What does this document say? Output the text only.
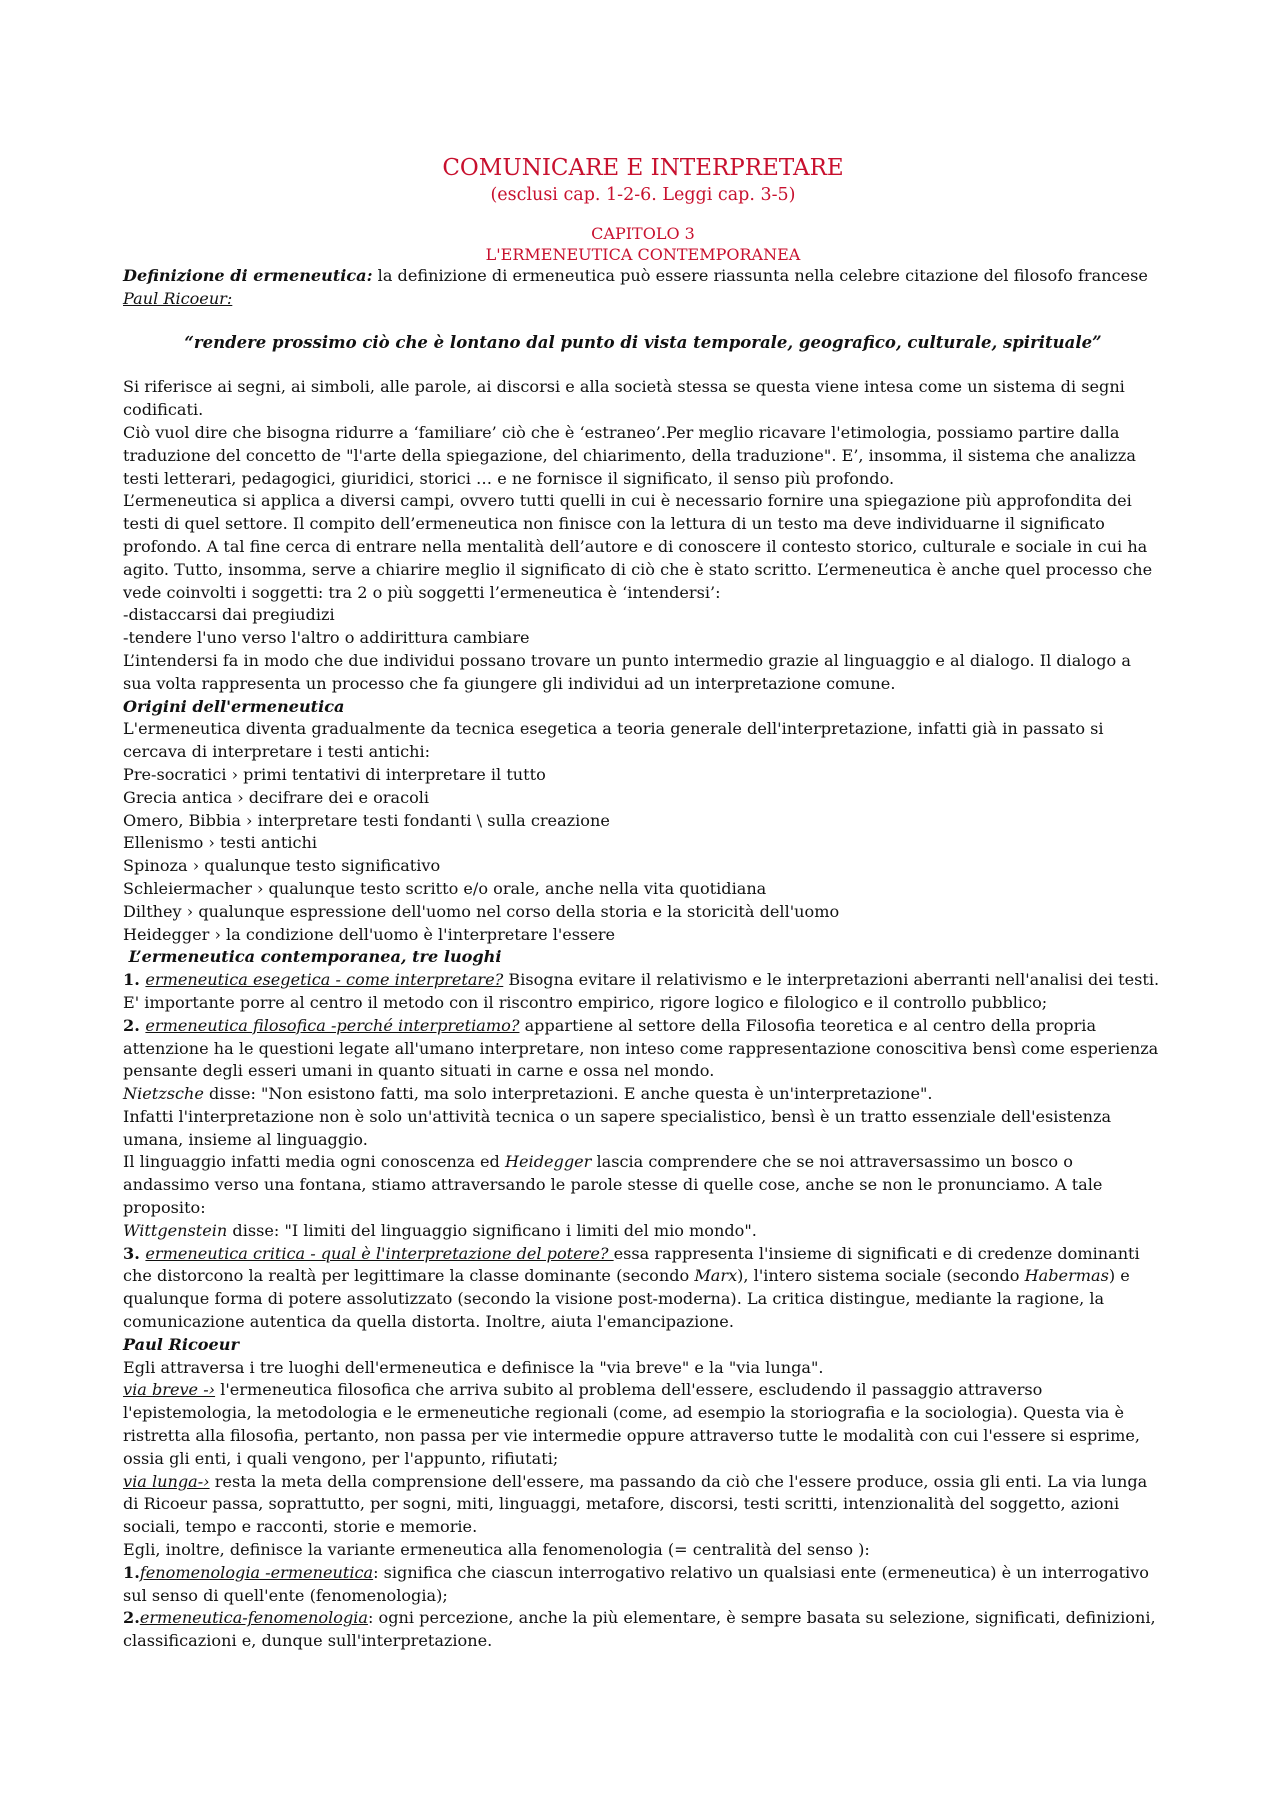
COMUNICARE E INTERPRETARE

(esclusi cap. 1-2-6. Leggi cap. 3-5)

CAPITOLO 3

L'ERMENEUTICA CONTEMPORANEA

Definizione di ermeneutica: la definizione di ermeneutica può essere riassunta nella celebre citazione del filosofo francese Paul Ricoeur:

“rendere prossimo ciò che è lontano dal punto di vista temporale, geografico, culturale, spirituale”

Si riferisce ai segni, ai simboli, alle parole, ai discorsi e alla società stessa se questa viene intesa come un sistema di segni codificati.

Ciò vuol dire che bisogna ridurre a ‘familiare’ ciò che è ‘estraneo’.Per meglio ricavare l'etimologia, possiamo partire dalla traduzione del concetto de "l'arte della spiegazione, del chiarimento, della traduzione". E’, insomma, il sistema che analizza testi letterari, pedagogici, giuridici, storici … e ne fornisce il significato, il senso più profondo.

L’ermeneutica si applica a diversi campi, ovvero tutti quelli in cui è necessario fornire una spiegazione più approfondita dei testi di quel settore. Il compito dell’ermeneutica non finisce con la lettura di un testo ma deve individuarne il significato profondo. A tal fine cerca di entrare nella mentalità dell’autore e di conoscere il contesto storico, culturale e sociale in cui ha agito. Tutto, insomma, serve a chiarire meglio il significato di ciò che è stato scritto. L’ermeneutica è anche quel processo che vede coinvolti i soggetti: tra 2 o più soggetti l’ermeneutica è ‘intendersi’:

-distaccarsi dai pregiudizi

-tendere l'uno verso l'altro o addirittura cambiare

L’intendersi fa in modo che due individui possano trovare un punto intermedio grazie al linguaggio e al dialogo. Il dialogo a sua volta rappresenta un processo che fa giungere gli individui ad un interpretazione comune.

Origini dell'ermeneutica

L'ermeneutica diventa gradualmente da tecnica esegetica a teoria generale dell'interpretazione, infatti già in passato si cercava di interpretare i testi antichi:

Pre-socratici › primi tentativi di interpretare il tutto

Grecia antica › decifrare dei e oracoli

Omero, Bibbia › interpretare testi fondanti \ sulla creazione

Ellenismo › testi antichi

Spinoza › qualunque testo significativo

Schleiermacher › qualunque testo scritto e/o orale, anche nella vita quotidiana

Dilthey › qualunque espressione dell'uomo nel corso della storia e la storicità dell'uomo

Heidegger › la condizione dell'uomo è l'interpretare l'essere

L’ermeneutica contemporanea, tre luoghi

1. ermeneutica esegetica - come interpretare? Bisogna evitare il relativismo e le interpretazioni aberranti nell'analisi dei testi. E' importante porre al centro il metodo con il riscontro empirico, rigore logico e filologico e il controllo pubblico;

2. ermeneutica filosofica -perché interpretiamo? appartiene al settore della Filosofia teoretica e al centro della propria attenzione ha le questioni legate all'umano interpretare, non inteso come rappresentazione conoscitiva bensì come esperienza pensante degli esseri umani in quanto situati in carne e ossa nel mondo.

Nietzsche disse: "Non esistono fatti, ma solo interpretazioni. E anche questa è un'interpretazione".

Infatti l'interpretazione non è solo un'attività tecnica o un sapere specialistico, bensì è un tratto essenziale dell'esistenza umana, insieme al linguaggio.

Il linguaggio infatti media ogni conoscenza ed Heidegger lascia comprendere che se noi attraversassimo un bosco o andassimo verso una fontana, stiamo attraversando le parole stesse di quelle cose, anche se non le pronunciamo. A tale proposito:

Wittgenstein disse: "I limiti del linguaggio significano i limiti del mio mondo".

3. ermeneutica critica - qual è l'interpretazione del potere? essa rappresenta l'insieme di significati e di credenze dominanti che distorcono la realtà per legittimare la classe dominante (secondo Marx), l'intero sistema sociale (secondo Habermas) e qualunque forma di potere assolutizzato (secondo la visione post-moderna). La critica distingue, mediante la ragione, la comunicazione autentica da quella distorta. Inoltre, aiuta l'emancipazione.

Paul Ricoeur

Egli attraversa i tre luoghi dell'ermeneutica e definisce la "via breve" e la "via lunga".

via breve -› l'ermeneutica filosofica che arriva subito al problema dell'essere, escludendo il passaggio attraverso l'epistemologia, la metodologia e le ermeneutiche regionali (come, ad esempio la storiografia e la sociologia). Questa via è ristretta alla filosofia, pertanto, non passa per vie intermedie oppure attraverso tutte le modalità con cui l'essere si esprime, ossia gli enti, i quali vengono, per l'appunto, rifiutati;

via lunga-› resta la meta della comprensione dell'essere, ma passando da ciò che l'essere produce, ossia gli enti. La via lunga di Ricoeur passa, soprattutto, per sogni, miti, linguaggi, metafore, discorsi, testi scritti, intenzionalità del soggetto, azioni sociali, tempo e racconti, storie e memorie.

Egli, inoltre, definisce la variante ermeneutica alla fenomenologia (= centralità del senso ):

1.fenomenologia -ermeneutica: significa che ciascun interrogativo relativo un qualsiasi ente (ermeneutica) è un interrogativo sul senso di quell'ente (fenomenologia);

2.ermeneutica-fenomenologia: ogni percezione, anche la più elementare, è sempre basata su selezione, significati, definizioni, classificazioni e, dunque sull'interpretazione.
